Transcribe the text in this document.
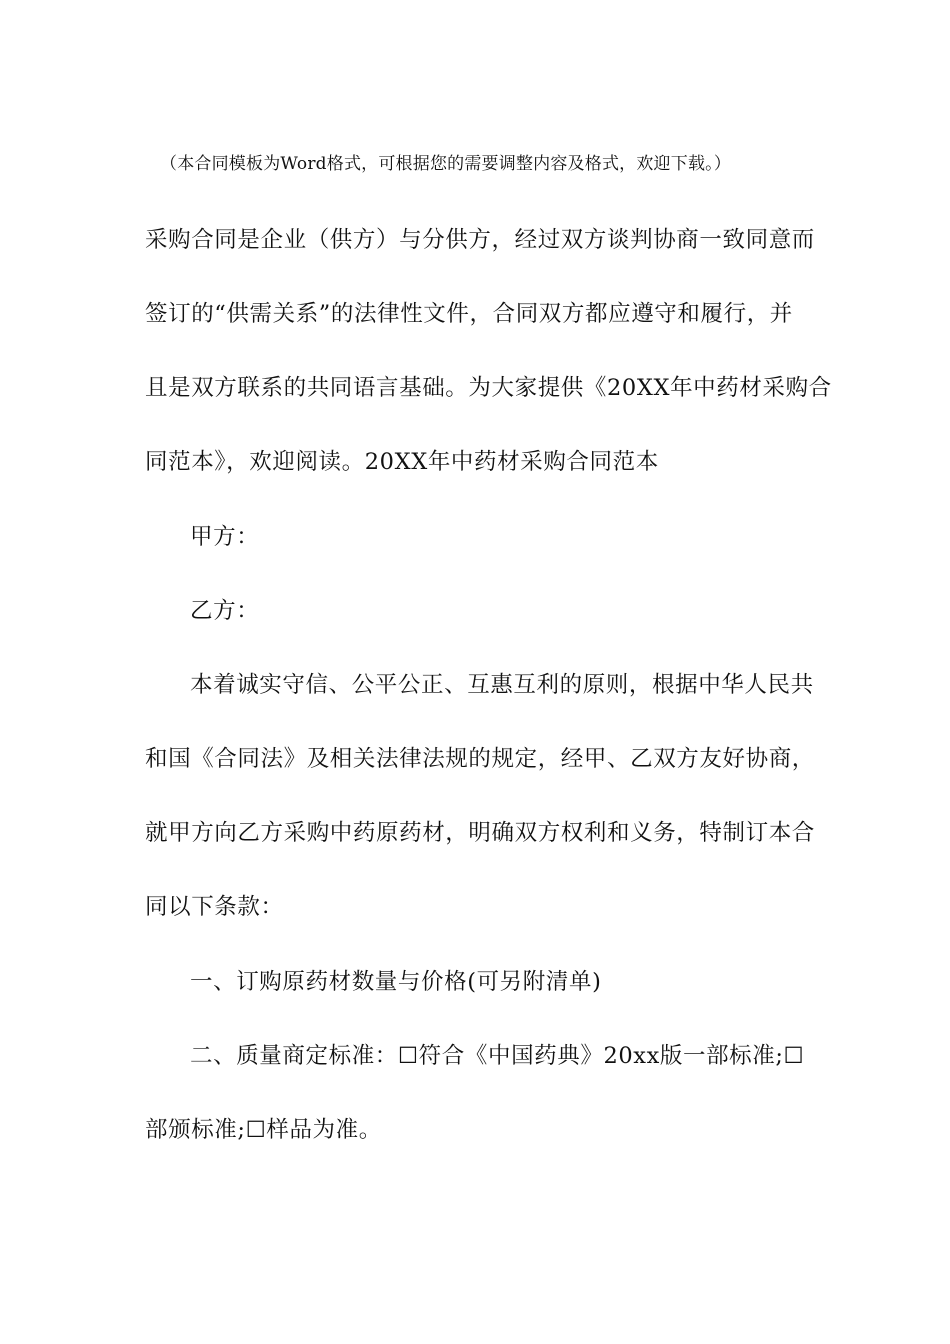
（本合同模板为Word格式，可根据您的需要调整内容及格式，欢迎下载。）
采购合同是企业（供方）与分供方，经过双方谈判协商一致同意而
签订的“供需关系”的法律性文件，合同双方都应遵守和履行，并
且是双方联系的共同语言基础。为大家提供《20XX年中药材采购合
同范本》，欢迎阅读。20XX年中药材采购合同范本
甲方：
乙方：
本着诚实守信、公平公正、互惠互利的原则，根据中华人民共
和国《合同法》及相关法律法规的规定，经甲、乙双方友好协商，
就甲方向乙方采购中药原药材，明确双方权利和义务，特制订本合
同以下条款：
一、订购原药材数量与价格(可另附清单)
二、质量商定标准：☐符合《中国药典》20xx版一部标准;☐
部颁标准;☐样品为准。
